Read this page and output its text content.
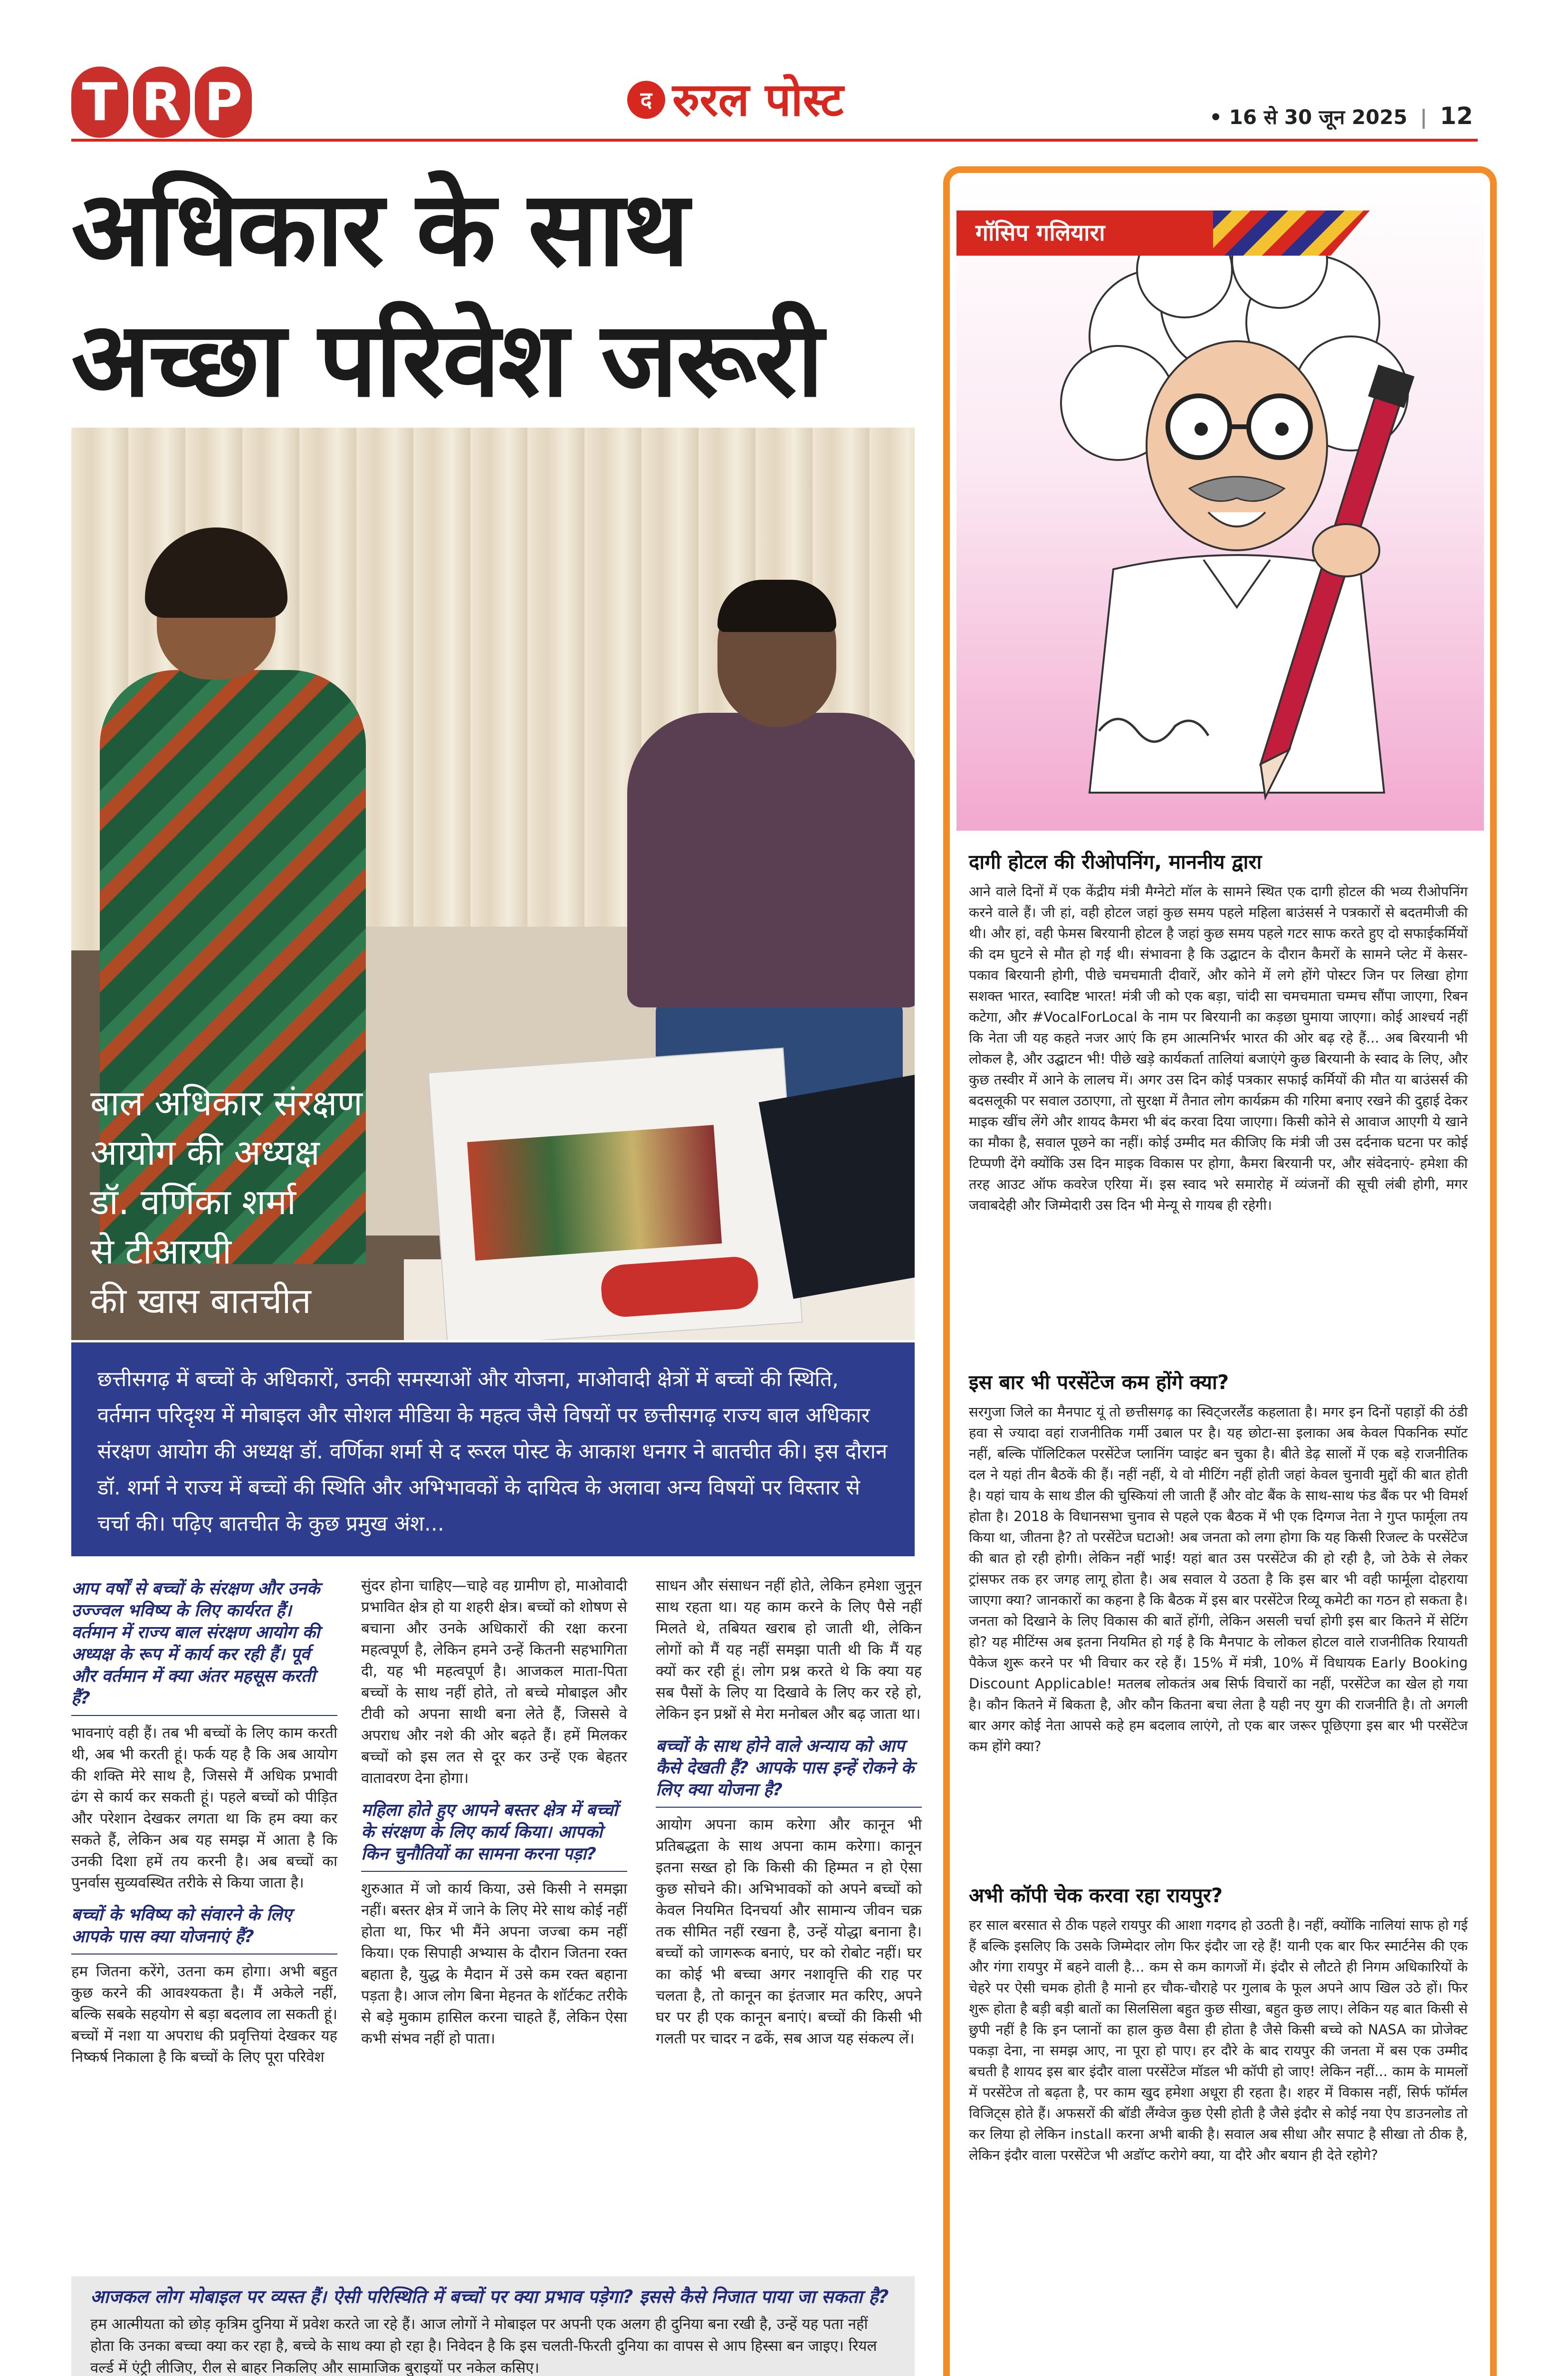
T R P	द रुरल पोस्ट	• 16 से 30 जून 2025 | 12
अधिकार के साथ
अच्छा परिवेश जरूरी
बाल अधिकार संरक्षण
आयोग की अध्यक्ष
डॉ. वर्णिका शर्मा
से टीआरपी
की खास बातचीत

छत्तीसगढ़ में बच्चों के अधिकारों, उनकी समस्याओं और योजना, माओवादी क्षेत्रों में बच्चों की स्थिति, वर्तमान परिदृश्य में मोबाइल और सोशल मीडिया के महत्व जैसे विषयों पर छत्तीसगढ़ राज्य बाल अधिकार संरक्षण आयोग की अध्यक्ष डॉ. वर्णिका शर्मा से द रूरल पोस्ट के आकाश धनगर ने बातचीत की। इस दौरान डॉ. शर्मा ने राज्य में बच्चों की स्थिति और अभिभावकों के दायित्व के अलावा अन्य विषयों पर विस्तार से चर्चा की। पढ़िए बातचीत के कुछ प्रमुख अंश...

आप वर्षों से बच्चों के संरक्षण और उनके उज्ज्वल भविष्य के लिए कार्यरत हैं। वर्तमान में राज्य बाल संरक्षण आयोग की अध्यक्ष के रूप में कार्य कर रही हैं। पूर्व और वर्तमान में क्या अंतर महसूस करती हैं?
भावनाएं वही हैं। तब भी बच्चों के लिए काम करती थी, अब भी करती हूं। फर्क यह है कि अब आयोग की शक्ति मेरे साथ है, जिससे मैं अधिक प्रभावी ढंग से कार्य कर सकती हूं। पहले बच्चों को पीड़ित और परेशान देखकर लगता था कि हम क्या कर सकते हैं, लेकिन अब यह समझ में आता है कि उनकी दिशा हमें तय करनी है। अब बच्चों का पुनर्वास सुव्यवस्थित तरीके से किया जाता है।
बच्चों के भविष्य को संवारने के लिए आपके पास क्या योजनाएं हैं?
हम जितना करेंगे, उतना कम होगा। अभी बहुत कुछ करने की आवश्यकता है। मैं अकेले नहीं, बल्कि सबके सहयोग से बड़ा बदलाव ला सकती हूं। बच्चों में नशा या अपराध की प्रवृत्तियां देखकर यह निष्कर्ष निकाला है कि बच्चों के लिए पूरा परिवेश
सुंदर होना चाहिए—चाहे वह ग्रामीण हो, माओवादी प्रभावित क्षेत्र हो या शहरी क्षेत्र। बच्चों को शोषण से बचाना और उनके अधिकारों की रक्षा करना महत्वपूर्ण है, लेकिन हमने उन्हें कितनी सहभागिता दी, यह भी महत्वपूर्ण है। आजकल माता-पिता बच्चों के साथ नहीं होते, तो बच्चे मोबाइल और टीवी को अपना साथी बना लेते हैं, जिससे वे अपराध और नशे की ओर बढ़ते हैं। हमें मिलकर बच्चों को इस लत से दूर कर उन्हें एक बेहतर वातावरण देना होगा।
महिला होते हुए आपने बस्तर क्षेत्र में बच्चों के संरक्षण के लिए कार्य किया। आपको किन चुनौतियों का सामना करना पड़ा?
शुरुआत में जो कार्य किया, उसे किसी ने समझा नहीं। बस्तर क्षेत्र में जाने के लिए मेरे साथ कोई नहीं होता था, फिर भी मैंने अपना जज्बा कम नहीं किया। एक सिपाही अभ्यास के दौरान जितना रक्त बहाता है, युद्ध के मैदान में उसे कम रक्त बहाना पड़ता है। आज लोग बिना मेहनत के शॉर्टकट तरीके से बड़े मुकाम हासिल करना चाहते हैं, लेकिन ऐसा कभी संभव नहीं हो पाता।
साधन और संसाधन नहीं होते, लेकिन हमेशा जुनून साथ रहता था। यह काम करने के लिए पैसे नहीं मिलते थे, तबियत खराब हो जाती थी, लेकिन लोगों को मैं यह नहीं समझा पाती थी कि मैं यह क्यों कर रही हूं। लोग प्रश्न करते थे कि क्या यह सब पैसों के लिए या दिखावे के लिए कर रहे हो, लेकिन इन प्रश्नों से मेरा मनोबल और बढ़ जाता था।
बच्चों के साथ होने वाले अन्याय को आप कैसे देखती हैं? आपके पास इन्हें रोकने के लिए क्या योजना है?
आयोग अपना काम करेगा और कानून भी प्रतिबद्धता के साथ अपना काम करेगा। कानून इतना सख्त हो कि किसी की हिम्मत न हो ऐसा कुछ सोचने की। अभिभावकों को अपने बच्चों को केवल नियमित दिनचर्या और सामान्य जीवन चक्र तक सीमित नहीं रखना है, उन्हें योद्धा बनाना है। बच्चों को जागरूक बनाएं, घर को रोबोट नहीं। घर का कोई भी बच्चा अगर नशावृत्ति की राह पर चलता है, तो कानून का इंतजार मत करिए, अपने घर पर ही एक कानून बनाएं। बच्चों की किसी भी गलती पर चादर न ढकें, सब आज यह संकल्प लें।
आजकल लोग मोबाइल पर व्यस्त हैं। ऐसी परिस्थिति में बच्चों पर क्या प्रभाव पड़ेगा? इससे कैसे निजात पाया जा सकता है?
हम आत्मीयता को छोड़ कृत्रिम दुनिया में प्रवेश करते जा रहे हैं। आज लोगों ने मोबाइल पर अपनी एक अलग ही दुनिया बना रखी है, उन्हें यह पता नहीं होता कि उनका बच्चा क्या कर रहा है, बच्चे के साथ क्या हो रहा है। निवेदन है कि इस चलती-फिरती दुनिया का वापस से आप हिस्सा बन जाइए। रियल वर्ल्ड में एंट्री लीजिए, रील से बाहर निकलिए और सामाजिक बुराइयों पर नकेल कसिए।
गॉसिप गलियारा
दागी होटल की रीओपनिंग, माननीय द्वारा
आने वाले दिनों में एक केंद्रीय मंत्री मैग्नेटो मॉल के सामने स्थित एक दागी होटल की भव्य रीओपनिंग करने वाले हैं। जी हां, वही होटल जहां कुछ समय पहले महिला बाउंसर्स ने पत्रकारों से बदतमीजी की थी। और हां, वही फेमस बिरयानी होटल है जहां कुछ समय पहले गटर साफ करते हुए दो सफाईकर्मियों की दम घुटने से मौत हो गई थी। संभावना है कि उद्घाटन के दौरान कैमरों के सामने प्लेट में केसर-पकाव बिरयानी होगी, पीछे चमचमाती दीवारें, और कोने में लगे होंगे पोस्टर जिन पर लिखा होगा सशक्त भारत, स्वादिष्ट भारत! मंत्री जी को एक बड़ा, चांदी सा चमचमाता चम्मच सौंपा जाएगा, रिबन कटेगा, और #VocalForLocal के नाम पर बिरयानी का कड़छा घुमाया जाएगा। कोई आश्चर्य नहीं कि नेता जी यह कहते नजर आएं कि हम आत्मनिर्भर भारत की ओर बढ़ रहे हैं... अब बिरयानी भी लोकल है, और उद्घाटन भी! पीछे खड़े कार्यकर्ता तालियां बजाएंगे कुछ बिरयानी के स्वाद के लिए, और कुछ तस्वीर में आने के लालच में। अगर उस दिन कोई पत्रकार सफाई कर्मियों की मौत या बाउंसर्स की बदसलूकी पर सवाल उठाएगा, तो सुरक्षा में तैनात लोग कार्यक्रम की गरिमा बनाए रखने की दुहाई देकर माइक खींच लेंगे और शायद कैमरा भी बंद करवा दिया जाएगा। किसी कोने से आवाज आएगी ये खाने का मौका है, सवाल पूछने का नहीं। कोई उम्मीद मत कीजिए कि मंत्री जी उस दर्दनाक घटना पर कोई टिप्पणी देंगे क्योंकि उस दिन माइक विकास पर होगा, कैमरा बिरयानी पर, और संवेदनाएं- हमेशा की तरह आउट ऑफ कवरेज एरिया में। इस स्वाद भरे समारोह में व्यंजनों की सूची लंबी होगी, मगर जवाबदेही और जिम्मेदारी उस दिन भी मेन्यू से गायब ही रहेगी।
इस बार भी परसेंटेज कम होंगे क्या?
सरगुजा जिले का मैनपाट यूं तो छत्तीसगढ़ का स्विट्जरलैंड कहलाता है। मगर इन दिनों पहाड़ों की ठंडी हवा से ज्यादा वहां राजनीतिक गर्मी उबाल पर है। यह छोटा-सा इलाका अब केवल पिकनिक स्पॉट नहीं, बल्कि पॉलिटिकल परसेंटेज प्लानिंग प्वाइंट बन चुका है। बीते डेढ़ सालों में एक बड़े राजनीतिक दल ने यहां तीन बैठकें की हैं। नहीं नहीं, ये वो मीटिंग नहीं होती जहां केवल चुनावी मुद्दों की बात होती है। यहां चाय के साथ डील की चुस्कियां ली जाती हैं और वोट बैंक के साथ-साथ फंड बैंक पर भी विमर्श होता है। 2018 के विधानसभा चुनाव से पहले एक बैठक में भी एक दिग्गज नेता ने गुप्त फार्मूला तय किया था, जीतना है? तो परसेंटेज घटाओ! अब जनता को लगा होगा कि यह किसी रिजल्ट के परसेंटेज की बात हो रही होगी। लेकिन नहीं भाई! यहां बात उस परसेंटेज की हो रही है, जो ठेके से लेकर ट्रांसफर तक हर जगह लागू होता है। अब सवाल ये उठता है कि इस बार भी वही फार्मूला दोहराया जाएगा क्या? जानकारों का कहना है कि बैठक में इस बार परसेंटेज रिव्यू कमेटी का गठन हो सकता है। जनता को दिखाने के लिए विकास की बातें होंगी, लेकिन असली चर्चा होगी इस बार कितने में सेटिंग हो? यह मीटिंग्स अब इतना नियमित हो गई है कि मैनपाट के लोकल होटल वाले राजनीतिक रियायती पैकेज शुरू करने पर भी विचार कर रहे हैं। 15% में मंत्री, 10% में विधायक Early Booking Discount Applicable! मतलब लोकतंत्र अब सिर्फ विचारों का नहीं, परसेंटेज का खेल हो गया है। कौन कितने में बिकता है, और कौन कितना बचा लेता है यही नए युग की राजनीति है। तो अगली बार अगर कोई नेता आपसे कहे हम बदलाव लाएंगे, तो एक बार जरूर पूछिएगा इस बार भी परसेंटेज कम होंगे क्या?
अभी कॉपी चेक करवा रहा रायपुर?
हर साल बरसात से ठीक पहले रायपुर की आशा गदगद हो उठती है। नहीं, क्योंकि नालियां साफ हो गई हैं बल्कि इसलिए कि उसके जिम्मेदार लोग फिर इंदौर जा रहे हैं! यानी एक बार फिर स्मार्टनेस की एक और गंगा रायपुर में बहने वाली है... कम से कम कागजों में। इंदौर से लौटते ही निगम अधिकारियों के चेहरे पर ऐसी चमक होती है मानो हर चौक-चौराहे पर गुलाब के फूल अपने आप खिल उठे हों। फिर शुरू होता है बड़ी बड़ी बातों का सिलसिला बहुत कुछ सीखा, बहुत कुछ लाए। लेकिन यह बात किसी से छुपी नहीं है कि इन प्लानों का हाल कुछ वैसा ही होता है जैसे किसी बच्चे को NASA का प्रोजेक्ट पकड़ा देना, ना समझ आए, ना पूरा हो पाए। हर दौरे के बाद रायपुर की जनता में बस एक उम्मीद बचती है शायद इस बार इंदौर वाला परसेंटेज मॉडल भी कॉपी हो जाए! लेकिन नहीं... काम के मामलों में परसेंटेज तो बढ़ता है, पर काम खुद हमेशा अधूरा ही रहता है। शहर में विकास नहीं, सिर्फ फॉर्मल विजिट्स होते हैं। अफसरों की बॉडी लैंग्वेज कुछ ऐसी होती है जैसे इंदौर से कोई नया ऐप डाउनलोड तो कर लिया हो लेकिन install करना अभी बाकी है। सवाल अब सीधा और सपाट है सीखा तो ठीक है, लेकिन इंदौर वाला परसेंटेज भी अडॉप्ट करोगे क्या, या दौरे और बयान ही देते रहोगे?
